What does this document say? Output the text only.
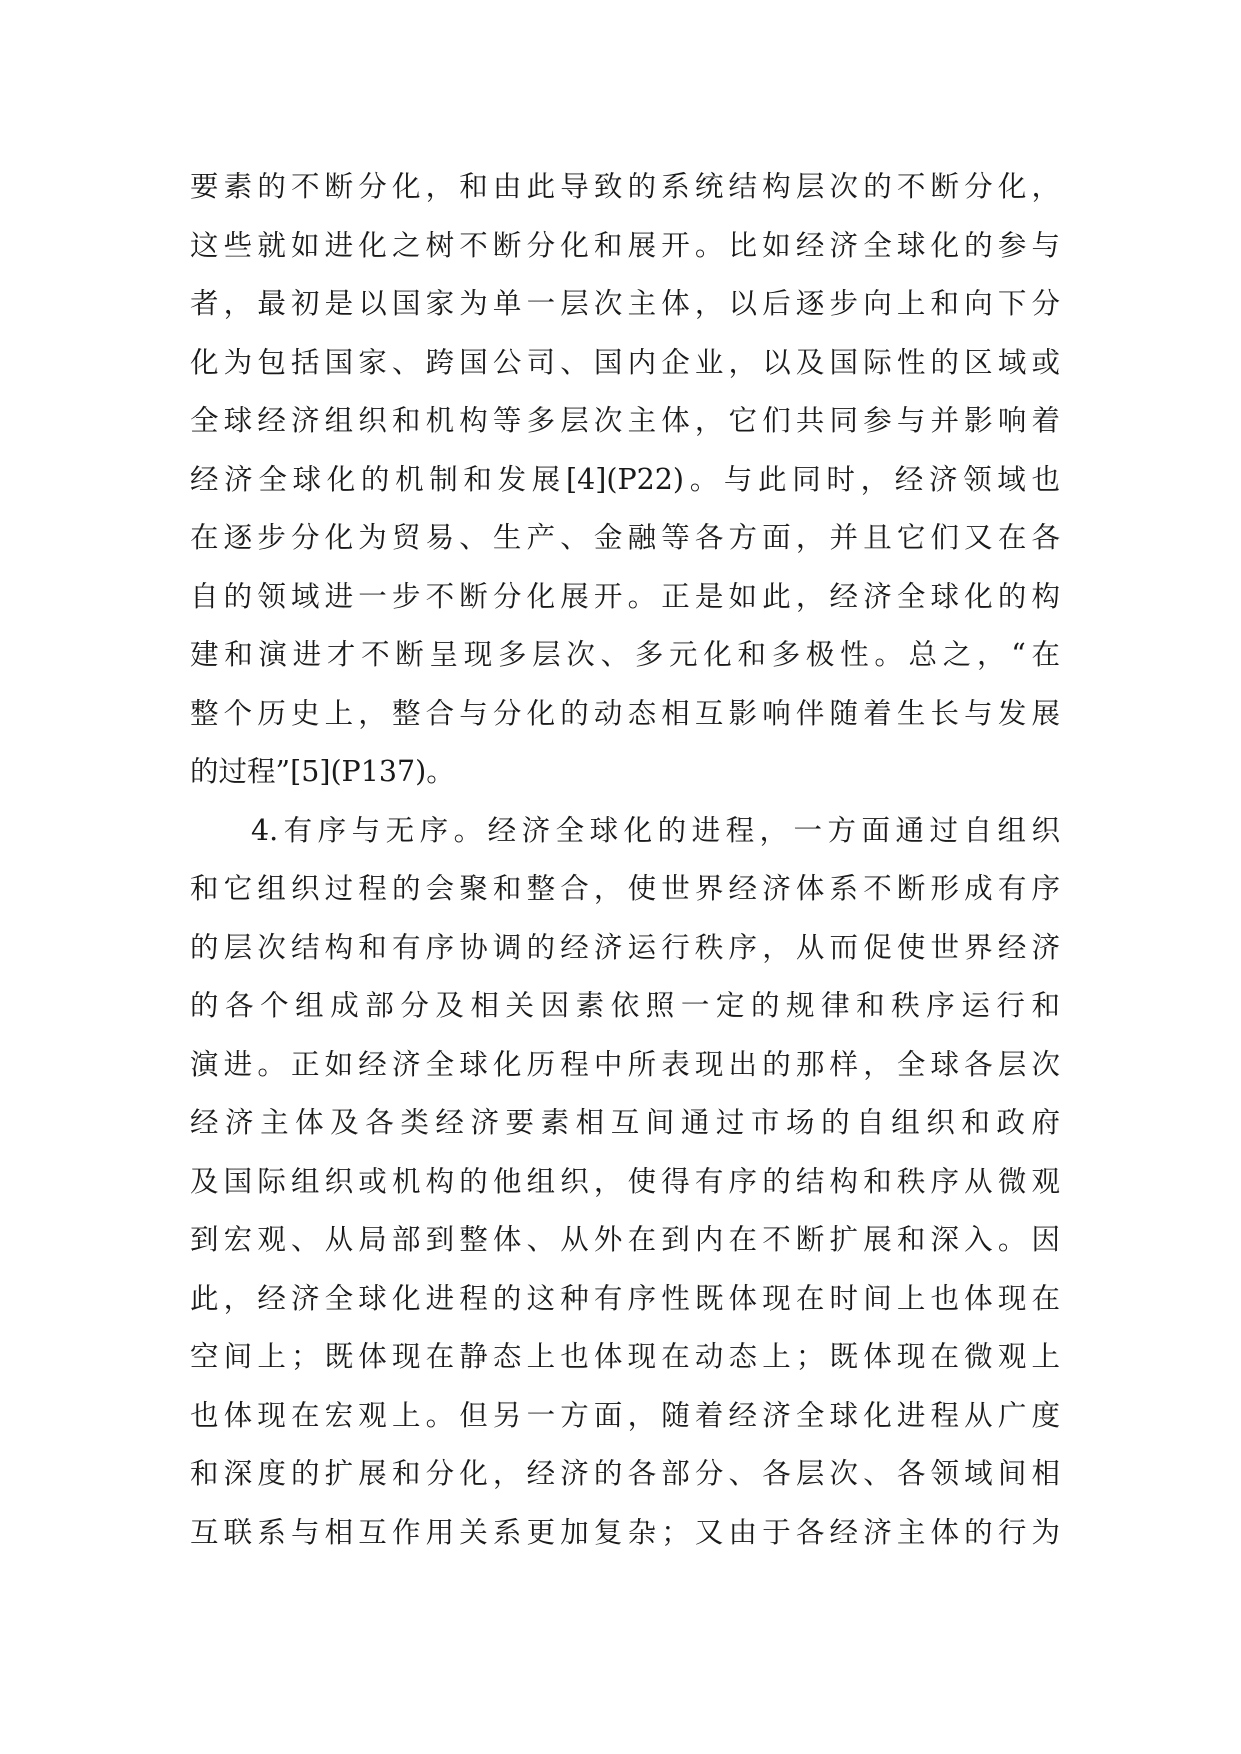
要素的不断分化，和由此导致的系统结构层次的不断分化，
这些就如进化之树不断分化和展开。比如经济全球化的参与
者，最初是以国家为单一层次主体，以后逐步向上和向下分
化为包括国家、跨国公司、国内企业，以及国际性的区域或
全球经济组织和机构等多层次主体，它们共同参与并影响着
经济全球化的机制和发展[4](P22)。与此同时，经济领域也
在逐步分化为贸易、生产、金融等各方面，并且它们又在各
自的领域进一步不断分化展开。正是如此，经济全球化的构
建和演进才不断呈现多层次、多元化和多极性。总之，“在
整个历史上，整合与分化的动态相互影响伴随着生长与发展
的过程”[5](P137)。
4.有序与无序。经济全球化的进程，一方面通过自组织
和它组织过程的会聚和整合，使世界经济体系不断形成有序
的层次结构和有序协调的经济运行秩序，从而促使世界经济
的各个组成部分及相关因素依照一定的规律和秩序运行和
演进。正如经济全球化历程中所表现出的那样，全球各层次
经济主体及各类经济要素相互间通过市场的自组织和政府
及国际组织或机构的他组织，使得有序的结构和秩序从微观
到宏观、从局部到整体、从外在到内在不断扩展和深入。因
此，经济全球化进程的这种有序性既体现在时间上也体现在
空间上；既体现在静态上也体现在动态上；既体现在微观上
也体现在宏观上。但另一方面，随着经济全球化进程从广度
和深度的扩展和分化，经济的各部分、各层次、各领域间相
互联系与相互作用关系更加复杂；又由于各经济主体的行为
